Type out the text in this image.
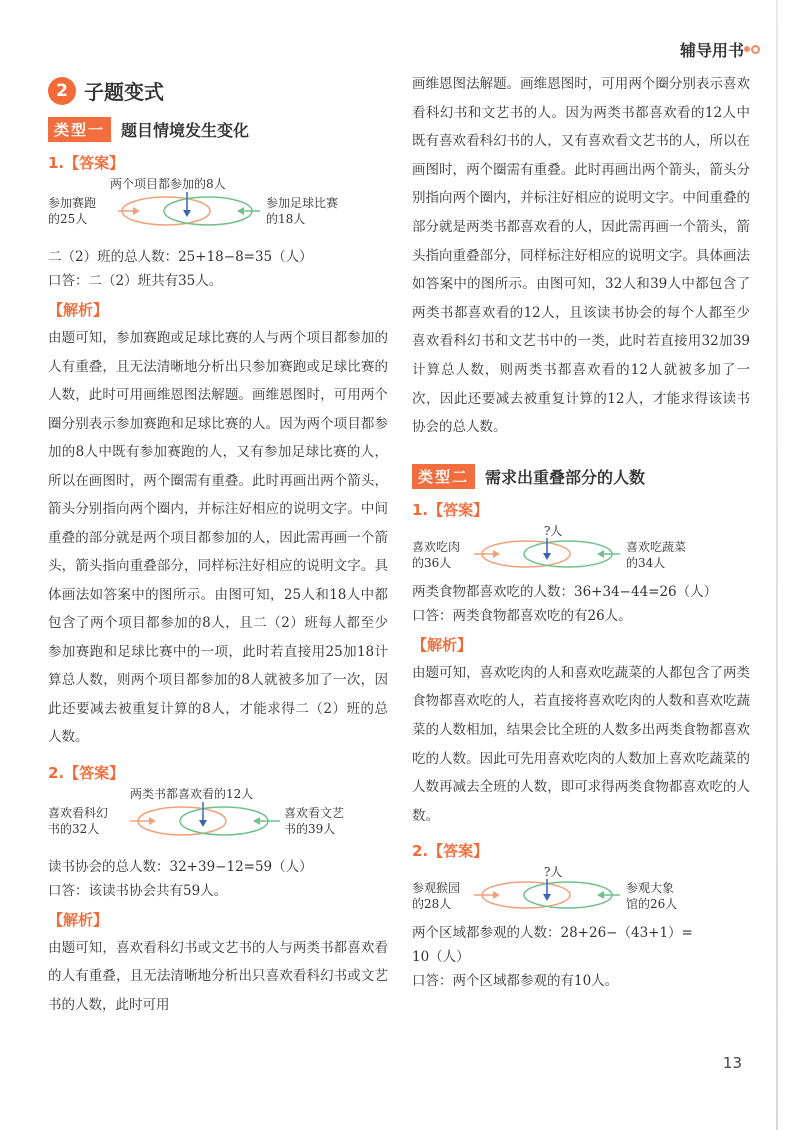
辅导用书
2 子题变式
类型一	题目情境发生变化
1.【答案】
两个项目都参加的8人
参加赛跑
的25人
参加足球比赛
的18人

二（2）班的总人数：25+18−8=35（人）

口答：二（2）班共有35人。

【解析】

由题可知，参加赛跑或足球比赛的人与两个项目都参加的人有重叠，且无法清晰地分析出只参加赛跑或足球比赛的人数，此时可用画维恩图法解题。画维恩图时，可用两个圈分别表示参加赛跑和足球比赛的人。因为两个项目都参加的8人中既有参加赛跑的人，又有参加足球比赛的人，所以在画图时，两个圈需有重叠。此时再画出两个箭头，箭头分别指向两个圈内，并标注好相应的说明文字。中间重叠的部分就是两个项目都参加的人，因此需再画一个箭头，箭头指向重叠部分，同样标注好相应的说明文字。具体画法如答案中的图所示。由图可知，25人和18人中都包含了两个项目都参加的8人，且二（2）班每人都至少参加赛跑和足球比赛中的一项，此时若直接用25加18计算总人数，则两个项目都参加的8人就被多加了一次，因此还要减去被重复计算的8人，才能求得二（2）班的总人数。

2.【答案】
两类书都喜欢看的12人
喜欢看科幻
书的32人
喜欢看文艺
书的39人

读书协会的总人数：32+39−12=59（人）

口答：该读书协会共有59人。

【解析】

由题可知，喜欢看科幻书或文艺书的人与两类书都喜欢看的人有重叠，且无法清晰地分析出只喜欢看科幻书或文艺书的人数，此时可用

画维恩图法解题。画维恩图时，可用两个圈分别表示喜欢看科幻书和文艺书的人。因为两类书都喜欢看的12人中既有喜欢看科幻书的人，又有喜欢看文艺书的人，所以在画图时，两个圈需有重叠。此时再画出两个箭头，箭头分别指向两个圈内，并标注好相应的说明文字。中间重叠的部分就是两类书都喜欢看的人，因此需再画一个箭头，箭头指向重叠部分，同样标注好相应的说明文字。具体画法如答案中的图所示。由图可知，32人和39人中都包含了两类书都喜欢看的12人，且该读书协会的每个人都至少喜欢看科幻书和文艺书中的一类，此时若直接用32加39计算总人数，则两类书都喜欢看的12人就被多加了一次，因此还要减去被重复计算的12人，才能求得该读书协会的总人数。

类型二	需求出重叠部分的人数
1.【答案】
?人
喜欢吃肉
的36人
喜欢吃蔬菜
的34人

两类食物都喜欢吃的人数：36+34−44=26（人）

口答：两类食物都喜欢吃的有26人。

【解析】

由题可知，喜欢吃肉的人和喜欢吃蔬菜的人都包含了两类食物都喜欢吃的人，若直接将喜欢吃肉的人数和喜欢吃蔬菜的人数相加，结果会比全班的人数多出两类食物都喜欢吃的人数。因此可先用喜欢吃肉的人数加上喜欢吃蔬菜的人数再减去全班的人数，即可求得两类食物都喜欢吃的人数。

2.【答案】
?人
参观猴园
的28人
参观大象
馆的26人

两个区域都参观的人数：28+26−（43+1）=

10（人）

口答：两个区域都参观的有10人。

13
